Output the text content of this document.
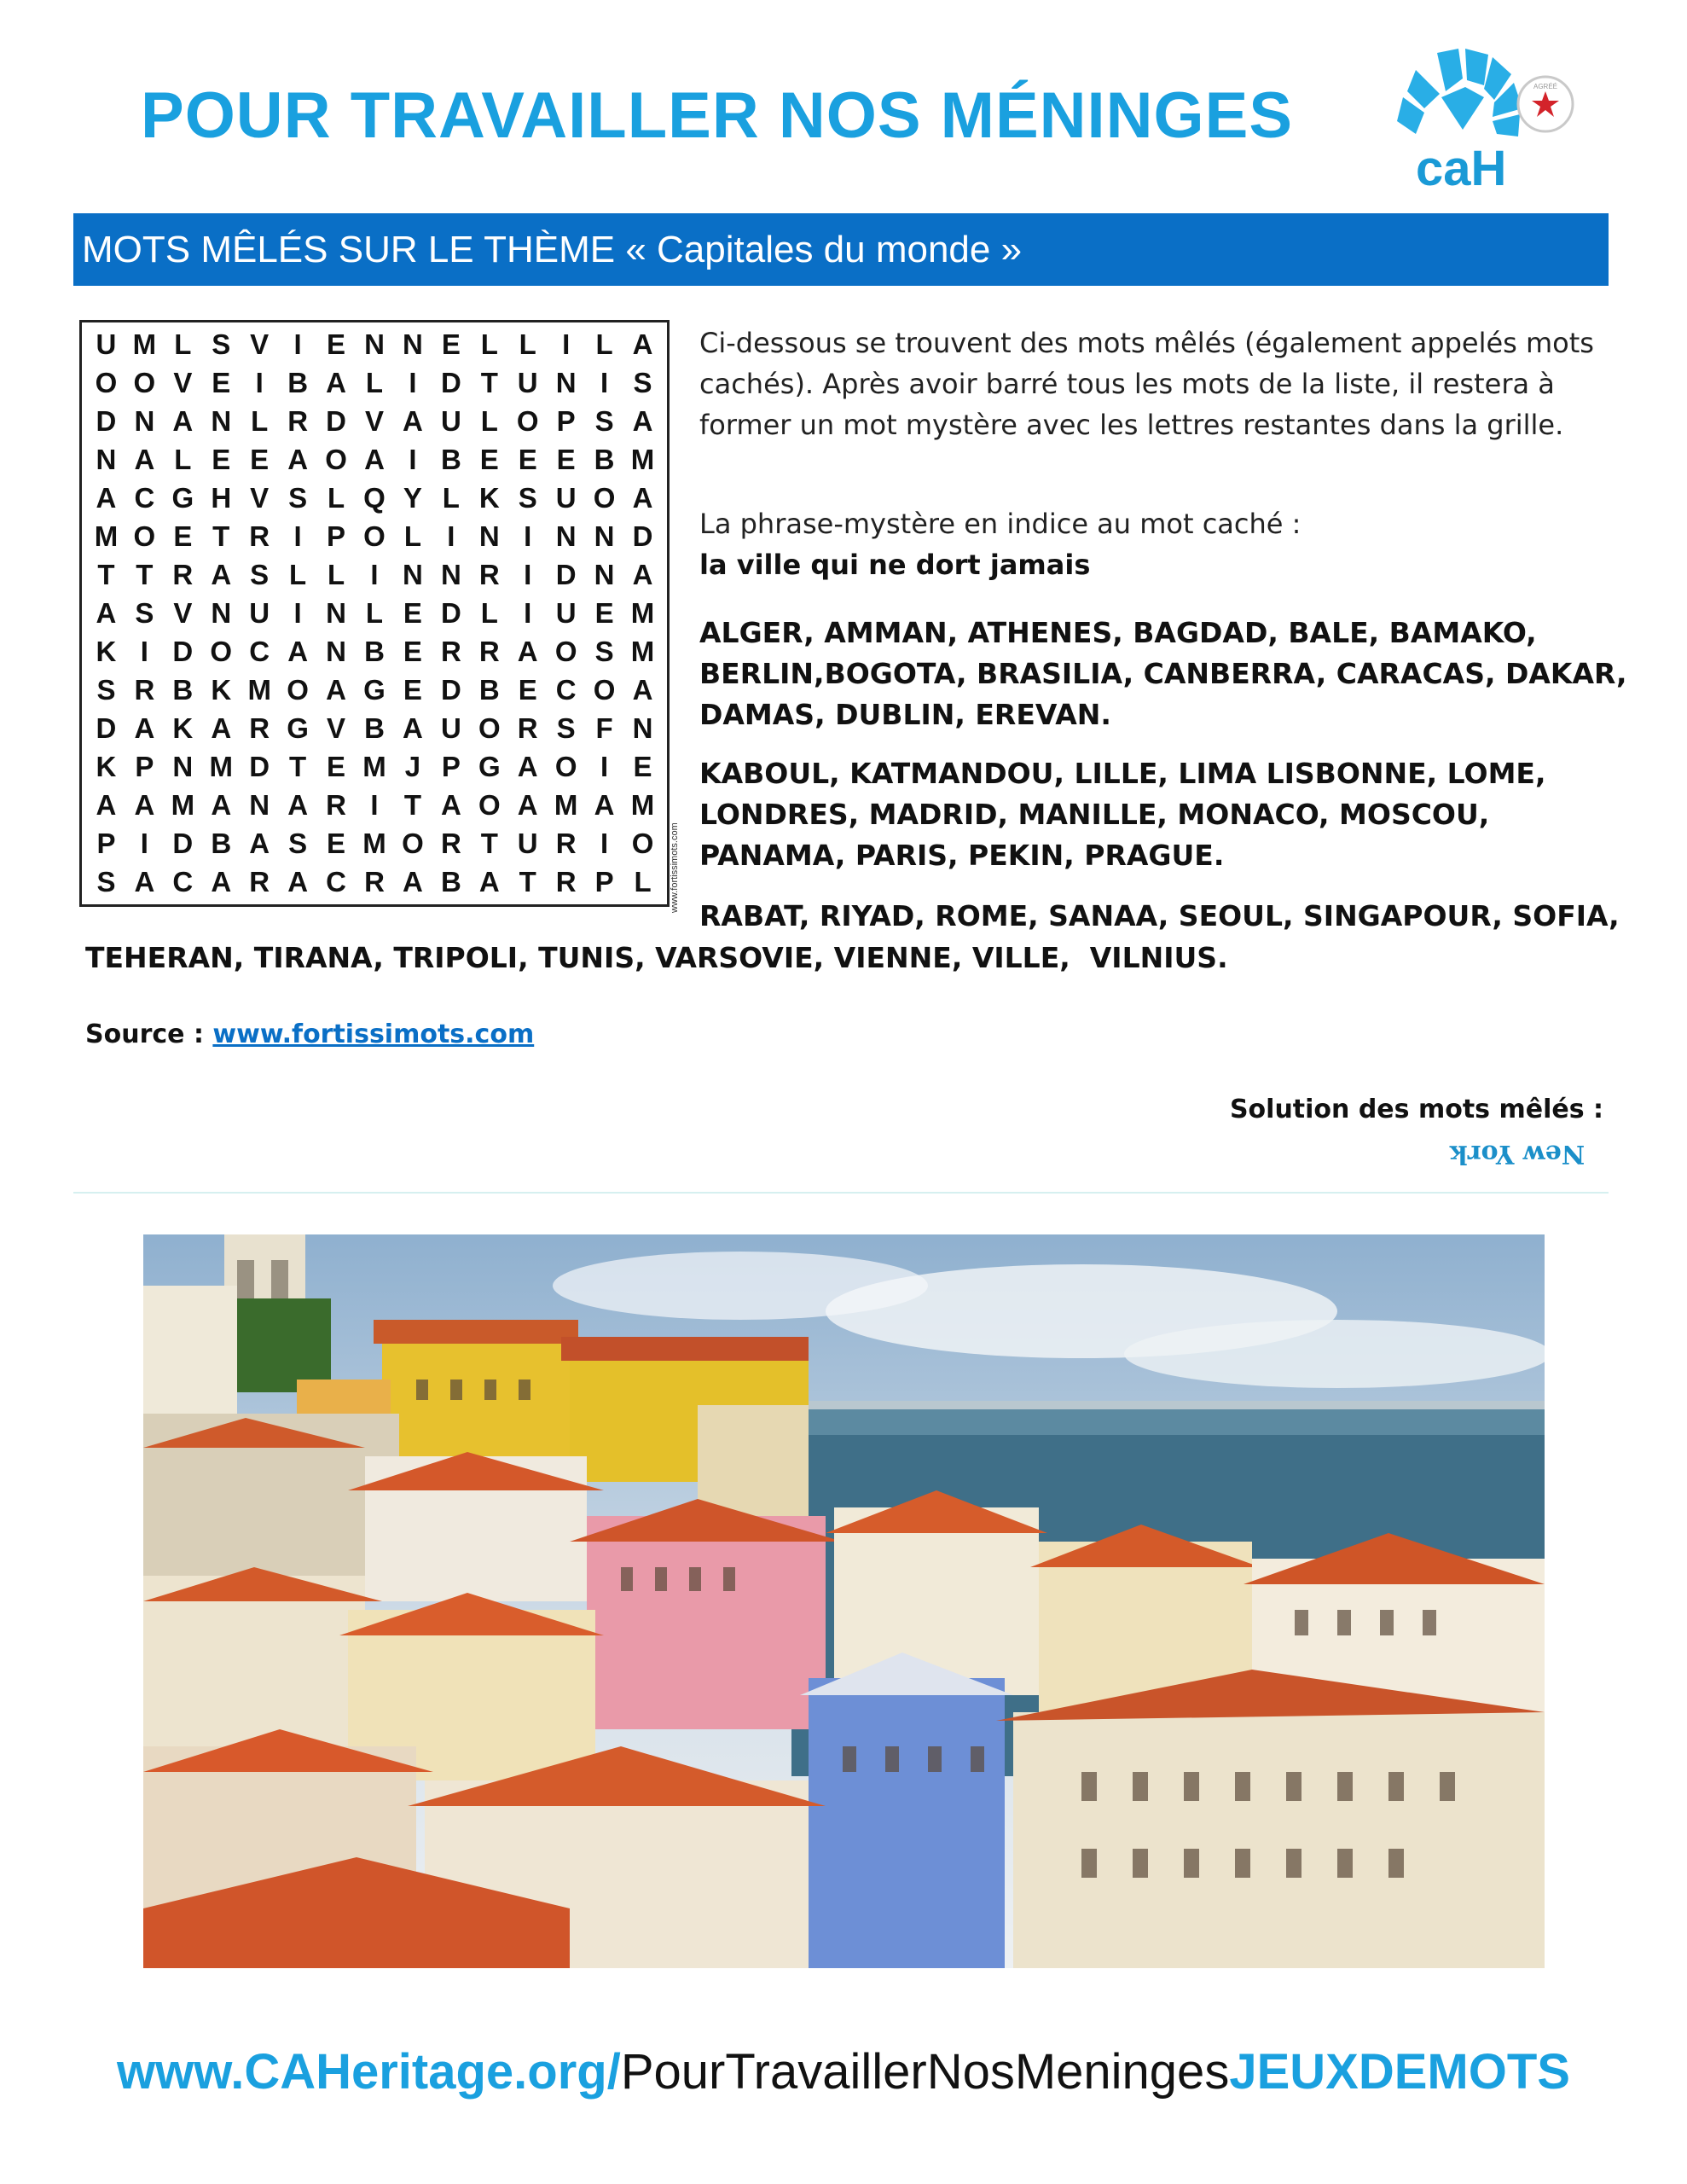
POUR TRAVAILLER NOS MÉNINGES
caH
AGRÉÉ
MOTS MÊLÉS SUR LE THÈME « Capitales du monde »
U M L S V I E N N E L L I L A
O O V E I B A L I D T U N I S
D N A N L R D V A U L O P S A
N A L E E A O A I B E E E B M
A C G H V S L Q Y L K S U O A
M O E T R I P O L I N I N N D
T T R A S L L I N N R I D N A
A S V N U I N L E D L I U E M
K I D O C A N B E R R A O S M
S R B K M O A G E D B E C O A
D A K A R G V B A U O R S F N
K P N M D T E M J P G A O I E
A A M A N A R I T A O A M A M
P I D B A S E M O R T U R I O
S A C A R A C R A B A T R P L	www.fortissimots.com
Ci-dessous se trouvent des mots mêlés (également appelés mots cachés). Après avoir barré tous les mots de la liste, il restera à former un mot mystère avec les lettres restantes dans la grille.
La phrase-mystère en indice au mot caché :
la ville qui ne dort jamais
ALGER, AMMAN, ATHENES, BAGDAD, BALE, BAMAKO,
BERLIN,BOGOTA, BRASILIA, CANBERRA, CARACAS, DAKAR,
DAMAS, DUBLIN, EREVAN.
KABOUL, KATMANDOU, LILLE, LIMA LISBONNE, LOME,
LONDRES, MADRID, MANILLE, MONACO, MOSCOU,
PANAMA, PARIS, PEKIN, PRAGUE.
RABAT, RIYAD, ROME, SANAA, SEOUL, SINGAPOUR, SOFIA,
TEHERAN, TIRANA, TRIPOLI, TUNIS, VARSOVIE, VIENNE, VILLE,  VILNIUS.
Source : www.fortissimots.com
Solution des mots mêlés :
New York
www.CAHeritage.org/PourTravaillerNosMeningesJEUXDEMOTS
